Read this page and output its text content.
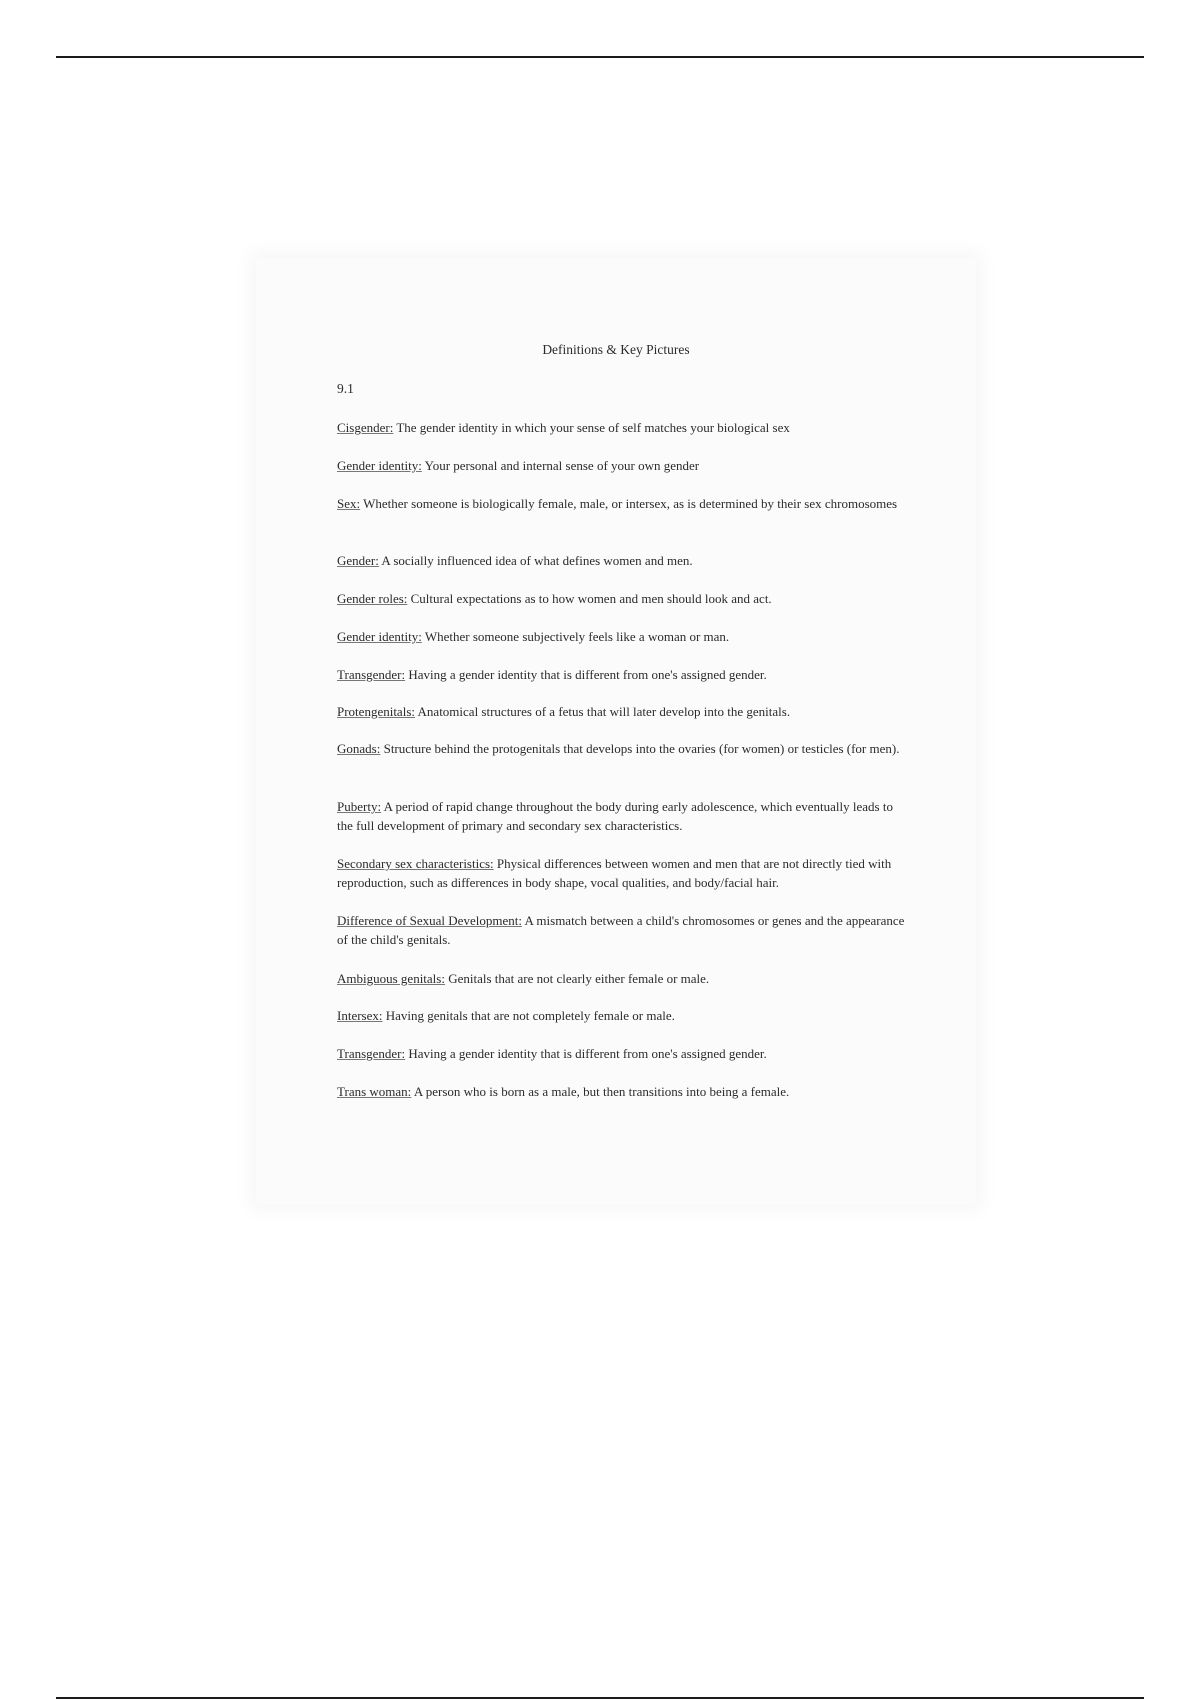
Definitions & Key Pictures
9.1
Cisgender: The gender identity in which your sense of self matches your biological sex
Gender identity: Your personal and internal sense of your own gender
Sex: Whether someone is biologically female, male, or intersex, as is determined by their sex chromosomes
Gender: A socially influenced idea of what defines women and men.
Gender roles: Cultural expectations as to how women and men should look and act.
Gender identity: Whether someone subjectively feels like a woman or man.
Transgender: Having a gender identity that is different from one's assigned gender.
Protengenitals: Anatomical structures of a fetus that will later develop into the genitals.
Gonads: Structure behind the protogenitals that develops into the ovaries (for women) or testicles (for men).
Puberty: A period of rapid change throughout the body during early adolescence, which eventually leads to the full development of primary and secondary sex characteristics.
Secondary sex characteristics: Physical differences between women and men that are not directly tied with reproduction, such as differences in body shape, vocal qualities, and body/facial hair.
Difference of Sexual Development: A mismatch between a child's chromosomes or genes and the appearance of the child's genitals.
Ambiguous genitals: Genitals that are not clearly either female or male.
Intersex: Having genitals that are not completely female or male.
Transgender: Having a gender identity that is different from one's assigned gender.
Trans woman: A person who is born as a male, but then transitions into being a female.
